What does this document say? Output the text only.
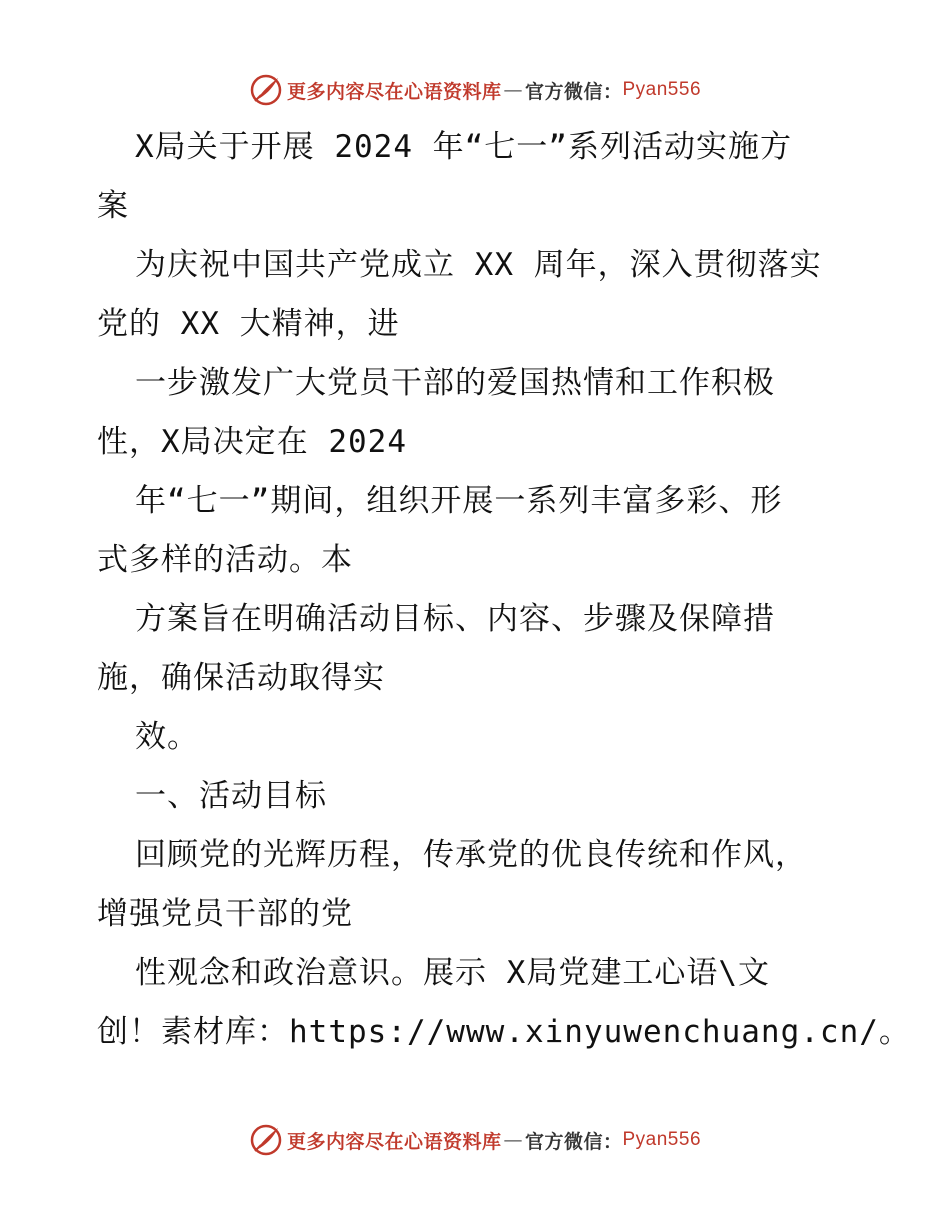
更多内容尽在心语资料库 — 官方微信： Pyan556

X局关于开展 2024 年“七一”系列活动实施方

案

为庆祝中国共产党成立 XX 周年，深入贯彻落实

党的 XX 大精神，进

一步激发广大党员干部的爱国热情和工作积极

性，X局决定在 2024

年“七一”期间，组织开展一系列丰富多彩、形

式多样的活动。本

方案旨在明确活动目标、内容、步骤及保障措

施，确保活动取得实

效。

一、活动目标

回顾党的光辉历程，传承党的优良传统和作风，

增强党员干部的党

性观念和政治意识。展示 X局党建工心语\文

创！素材库：https://www.xinyuwenchuang.cn/。

更多内容尽在心语资料库 — 官方微信： Pyan556
